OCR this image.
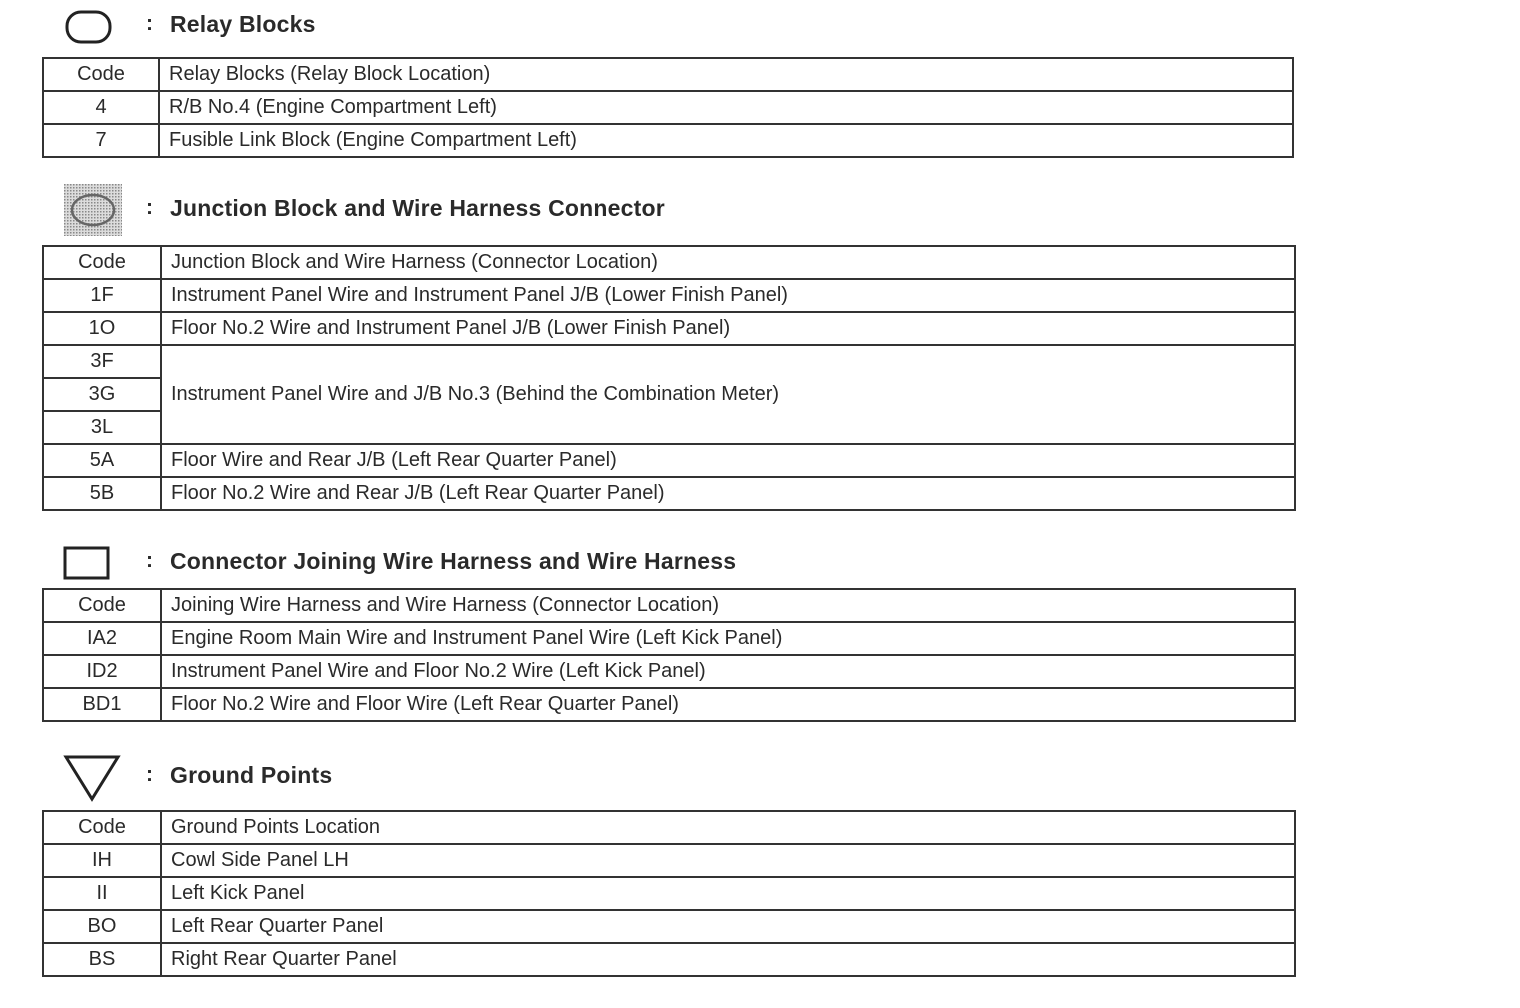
: Relay Blocks
Code	Relay Blocks (Relay Block Location)
4	R/B No.4 (Engine Compartment Left)
7	Fusible Link Block (Engine Compartment Left)
: Junction Block and Wire Harness Connector
Code	Junction Block and Wire Harness (Connector Location)
1F	Instrument Panel Wire and Instrument Panel J/B (Lower Finish Panel)
1O	Floor No.2 Wire and Instrument Panel J/B (Lower Finish Panel)
3F	Instrument Panel Wire and J/B No.3 (Behind the Combination Meter)
3G	
3L	
5A	Floor Wire and Rear J/B (Left Rear Quarter Panel)
5B	Floor No.2 Wire and Rear J/B (Left Rear Quarter Panel)
: Connector Joining Wire Harness and Wire Harness
Code	Joining Wire Harness and Wire Harness (Connector Location)
IA2	Engine Room Main Wire and Instrument Panel Wire (Left Kick Panel)
ID2	Instrument Panel Wire and Floor No.2 Wire (Left Kick Panel)
BD1	Floor No.2 Wire and Floor Wire (Left Rear Quarter Panel)
: Ground Points
Code	Ground Points Location
IH	Cowl Side Panel LH
II	Left Kick Panel
BO	Left Rear Quarter Panel
BS	Right Rear Quarter Panel
